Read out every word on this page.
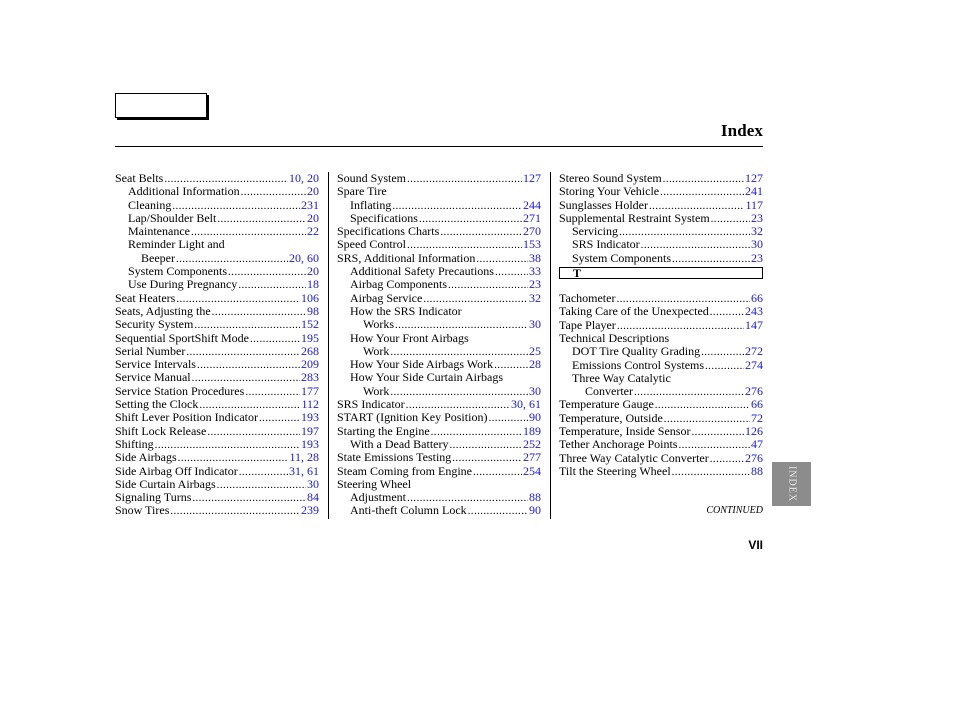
Index
Seat Belts .....	10, 20
Additional Information .....	20
Cleaning .....	231
Lap/Shoulder Belt .....	20
Maintenance .....	22
Reminder Light and
Beeper .....	20, 60
System Components .....	20
Use During Pregnancy .....	18
Seat Heaters .....	106
Seats, Adjusting the .....	98
Security System .....	152
Sequential SportShift Mode .....	195
Serial Number .....	268
Service Intervals .....	209
Service Manual .....	283
Service Station Procedures .....	177
Setting the Clock .....	112
Shift Lever Position Indicator .....	193
Shift Lock Release .....	197
Shifting .....	193
Side Airbags .....	11, 28
Side Airbag Off Indicator .....	31, 61
Side Curtain Airbags .....	30
Signaling Turns .....	84
Snow Tires .....	239
Sound System .....	127
Spare Tire
Inflating .....	244
Specifications .....	271
Specifications Charts .....	270
Speed Control .....	153
SRS, Additional Information .....	38
Additional Safety Precautions .....	33
Airbag Components .....	23
Airbag Service .....	32
How the SRS Indicator
Works .....	30
How Your Front Airbags
Work .....	25
How Your Side Airbags Work .....	28
How Your Side Curtain Airbags
Work .....	30
SRS Indicator .....	30, 61
START (Ignition Key Position) .....	90
Starting the Engine .....	189
With a Dead Battery .....	252
State Emissions Testing .....	277
Steam Coming from Engine .....	254
Steering Wheel
Adjustment .....	88
Anti-theft Column Lock .....	90
Stereo Sound System .....	127
Storing Your Vehicle .....	241
Sunglasses Holder .....	117
Supplemental Restraint System .....	23
Servicing .....	32
SRS Indicator .....	30
System Components .....	23
T
Tachometer .....	66
Taking Care of the Unexpected .....	243
Tape Player .....	147
Technical Descriptions
DOT Tire Quality Grading .....	272
Emissions Control Systems .....	274
Three Way Catalytic
Converter .....	276
Temperature Gauge .....	66
Temperature, Outside .....	72
Temperature, Inside Sensor .....	126
Tether Anchorage Points .....	47
Three Way Catalytic Converter .....	276
Tilt the Steering Wheel .....	88
CONTINUED
VII
INDEX
